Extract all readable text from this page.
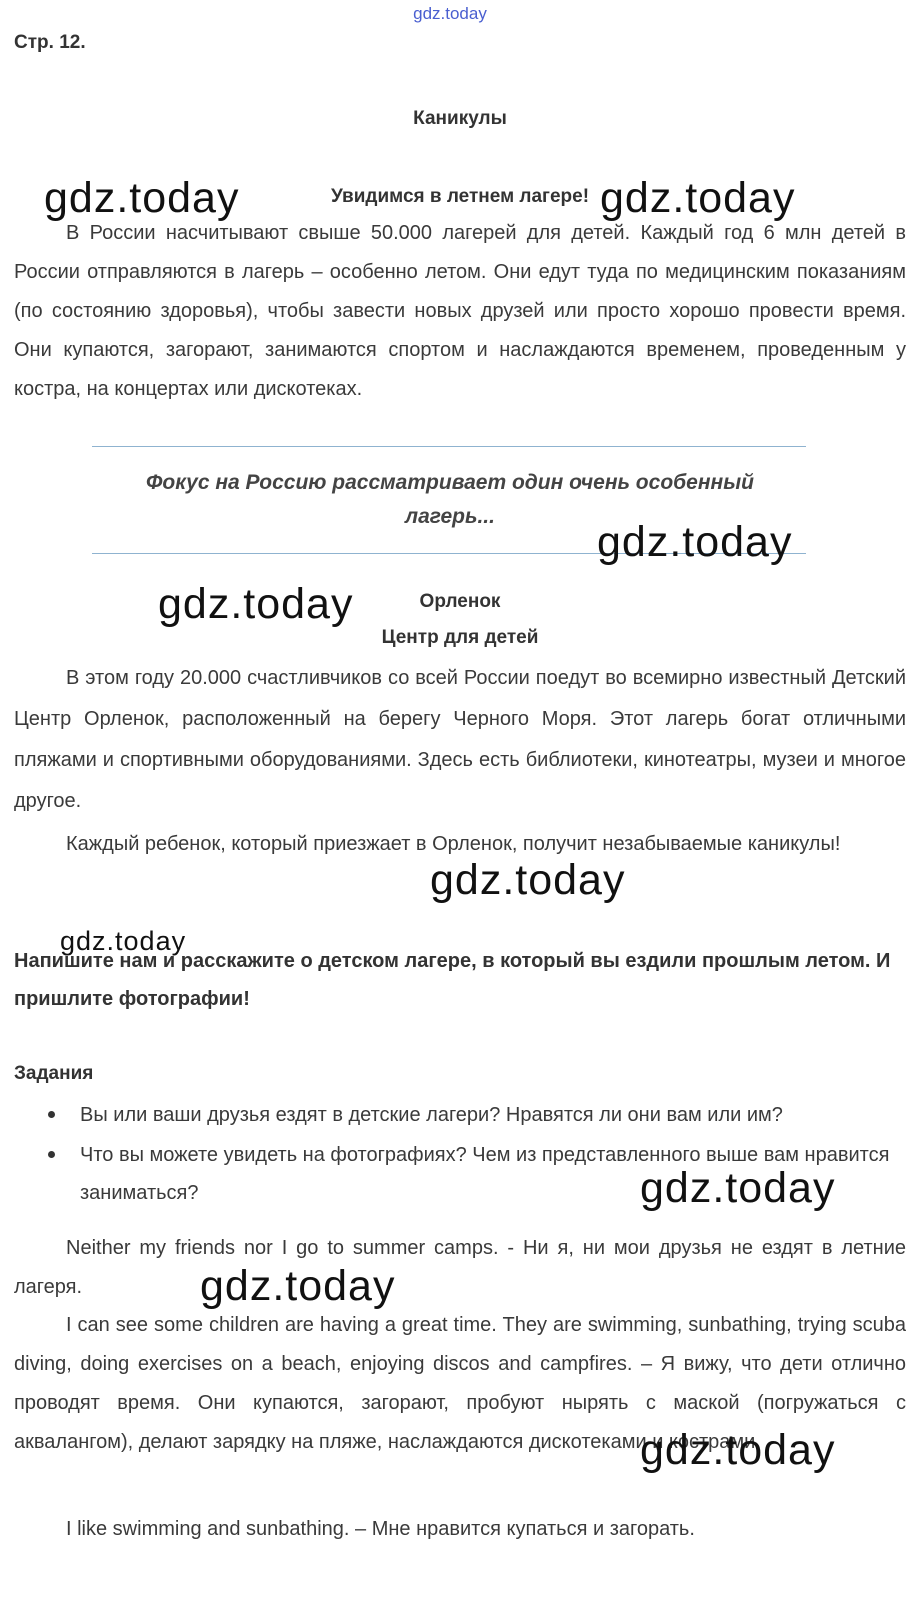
gdz.today
Стр. 12.
Каникулы
Увидимся в летнем лагере!
В России насчитывают свыше 50.000 лагерей для детей. Каждый год 6 млн детей в России отправляются в лагерь – особенно летом. Они едут туда по медицинским показаниям (по состоянию здоровья), чтобы завести новых друзей или просто хорошо провести время. Они купаются, загорают, занимаются спортом и наслаждаются временем, проведенным у костра, на концертах или дискотеках.
Фокус на Россию рассматривает один очень особенный лагерь...
Орленок
Центр для детей
В этом году 20.000 счастливчиков со всей России поедут во всемирно известный Детский Центр Орленок, расположенный на берегу Черного Моря. Этот лагерь богат отличными пляжами и спортивными оборудованиями. Здесь есть библиотеки, кинотеатры, музеи и многое другое.
Каждый ребенок, который приезжает в Орленок, получит незабываемые каникулы!
Напишите нам и расскажите о детском лагере, в который вы ездили прошлым летом. И пришлите фотографии!
Задания
Вы или ваши друзья ездят в детские лагери? Нравятся ли они вам или им?
Что вы можете увидеть на фотографиях? Чем из представленного выше вам нравится заниматься?
Neither my friends nor I go to summer camps. - Ни я, ни мои друзья не ездят в летние лагеря.
I can see some children are having a great time. They are swimming, sunbathing, trying scuba diving, doing exercises on a beach, enjoying discos and campfires. – Я вижу, что дети отлично проводят время. Они купаются, загорают, пробуют нырять с маской (погружаться с аквалангом), делают зарядку на пляже, наслаждаются дискотеками и кострами.
I like swimming and sunbathing. – Мне нравится купаться и загорать.
gdz.today	gdz.today
gdz.today
gdz.today
gdz.today
gdz.today
gdz.today
gdz.today
gdz.today
